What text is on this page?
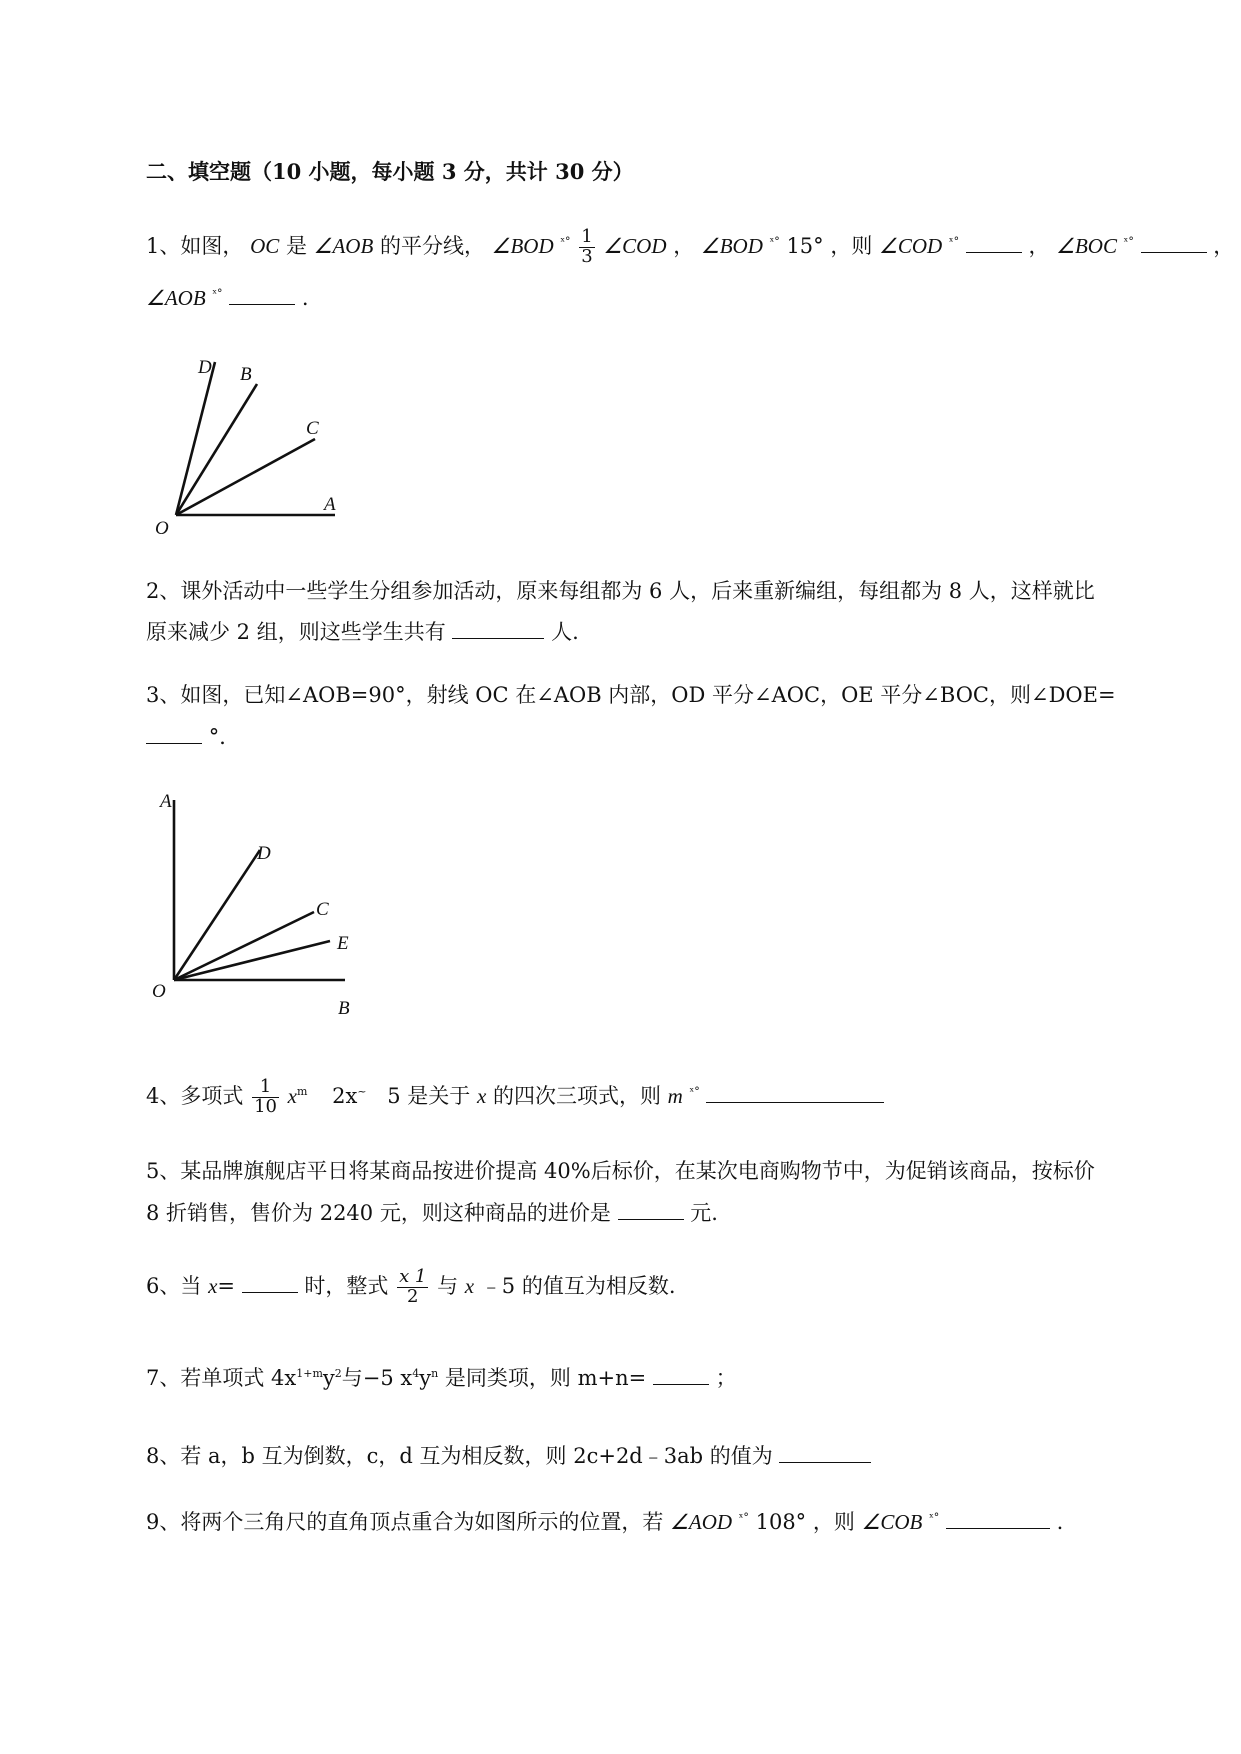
二、填空题（10 小题，每小题 3 分，共计 30 分）
1、如图， OC 是 ∠AOB 的平分线， ∠BOD $^{ˣ^\circ} \frac{1}{3}$ ∠COD ， ∠BOD $^{ˣ^\circ}$ 15° ，则 ∠COD $^{ˣ^\circ}$	， ∠BOC $^{ˣ^\circ}$	，
∠AOB $^{ˣ^\circ}$	.
D B
C
A
O
2、课外活动中一些学生分组参加活动，原来每组都为 6 人，后来重新编组，每组都为 8 人，这样就比
原来减少 2 组，则这些学生共有	人.
3、如图，已知∠AOB=90°，射线 OC 在∠AOB 内部，OD 平分∠AOC，OE 平分∠BOC，则∠DOE=
°．
A
D
C
E
O
B
4、多项式 $\frac{1}{10} x^m$ 2x~ 5 是关于 x 的四次三项式，则 m $^{ˣ^\circ}$
5、某品牌旗舰店平日将某商品按进价提高 40%后标价，在某次电商购物节中，为促销该商品，按标价
8 折销售，售价为 2240 元，则这种商品的进价是	元.
6、当 x=	时，整式 $\frac{x 1}{2}$ 与 x ﹣5 的值互为相反数.
7、若单项式 $4x^{1+m}y^2$与−5 $x^4y^n$ 是同类项，则 m+n=	；
8、若 a，b 互为倒数，c，d 互为相反数，则 2c+2d﹣3ab 的值为
9、将两个三角尺的直角顶点重合为如图所示的位置，若 ∠AOD $^{ˣ^\circ}$ 108° ，则 ∠COB $^{ˣ^\circ}$	.
